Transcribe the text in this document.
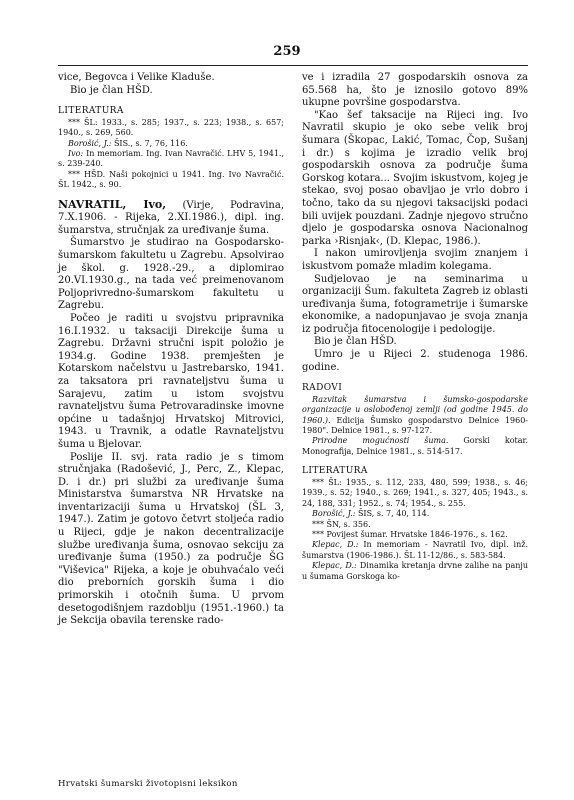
259

vice, Begovca i Velike Kladuše.

Bio je član HŠD.

LITERATURA

*** ŠL: 1933., s. 285; 1937., s. 223; 1938., s. 657; 1940., s. 269, 560.

Borošić, J.: ŠIS., s. 7, 76, 116.

Ivo: In memoriam. Ing. Ivan Navračić. LHV 5, 1941., s. 239-240.

*** HŠD. Naši pokojnici u 1941. Ing. Ivo Navračić. ŠL 1942., s. 90.

NAVRATIL, Ivo, (Virje, Podravina, 7.X.1906. - Rijeka, 2.XI.1986.), dipl. ing. šumarstva, stručnjak za uređivanje šuma.

Šumarstvo je studirao na Gospodarsko-šumarskom fakultetu u Zagrebu. Apsolvirao je škol. g. 1928.-29., a diplomirao 20.VI.1930.g., na tada već preimenovanom Poljoprivredno-šumarskom fakultetu u Zagrebu.

Počeo je raditi u svojstvu pripravnika 16.I.1932. u taksaciji Direkcije šuma u Zagrebu. Državni stručni ispit položio je 1934.g. Godine 1938. premješten je Kotarskom načelstvu u Jastrebarsko, 1941. za taksatora pri ravnateljstvu šuma u Sarajevu, zatim u istom svojstvu ravnateljstvu šuma Petrovaradinske imovne općine u tadašnjoj Hrvatskoj Mitrovici, 1943. u Travnik, a odatle Ravnateljstvu šuma u Bjelovar.

Poslije II. svj. rata radio je s timom stručnjaka (Radošević, J., Perc, Z., Klepac, D. i dr.) pri službi za uređivanje šuma Ministarstva šumarstva NR Hrvatske na inventarizaciji šuma u Hrvatskoj (ŠL 3, 1947.). Zatim je gotovo četvrt stoljeća radio u Rijeci, gdje je nakon decentralizacije službe uređivanja šuma, osnovao sekciju za uređivanje šuma (1950.) za područje ŠG "Viševica" Rijeka, a koje je obuhvaćalo veći dio preborních gorskih šuma i dio primorskih i otočnih šuma. U prvom desetogodišnjem razdoblju (1951.-1960.) ta je Sekcija obavila terenske rado-

ve i izradila 27 gospodarskih osnova za 65.568 ha, što je iznosilo gotovo 89% ukupne površine gospodarstva.

"Kao šef taksacije na Rijeci ing. Ivo Navratil skupio je oko sebe velik broj šumara (Škopac, Lakić, Tomac, Čop, Sušanj i dr.) s kojima je izradio velik broj gospodarskih osnova za područje šuma Gorskog kotara... Svojim iskustvom, kojeg je stekao, svoj posao obavljao je vrlo dobro i točno, tako da su njegovi taksacijski podaci bili uvijek pouzdani. Zadnje njegovo stručno djelo je gospodarska osnova Nacionalnog parka ›Risnjak‹, (D. Klepac, 1986.).

I nakon umirovljenja svojim znanjem i iskustvom pomaže mladim kolegama.

Sudjelovao je na seminarima u organizaciji Šum. fakulteta Zagreb iz oblasti uređivanja šuma, fotogrametrije i šumarske ekonomike, a nadopunjavao je svoja znanja iz područja fitocenologije i pedologije.

Bio je član HŠD.

Umro je u Rijeci 2. studenoga 1986. godine.

RADOVI

Razvitak šumarstva i šumsko-gospodarske organizacije u oslobođenoj zemlji (od godine 1945. do 1960.). Edicija Šumsko gospodarstvo Delnice 1960-1980". Delnice 1981., s. 97-127.

Prirodne mogućnosti šuma. Gorski kotar. Monografija, Delnice 1981., s. 514-517.

LITERATURA

*** ŠL: 1935., s. 112, 233, 480, 599; 1938., s. 46; 1939., s. 52; 1940., s. 269; 1941., s. 327, 405; 1943., s. 24, 188, 331; 1952., s. 74; 1954., s. 255.

Borošić, J.: ŠIS, s. 7, 40, 114.

*** ŠN, s. 356.

*** Povijest šumar. Hrvatske 1846-1976., s. 162.

Klepac, D.: In memoriam - Navratil Ivo, dipl. inž. šumarstva (1906-1986.). ŠL 11-12/86., s. 583-584.

Klepac, D.: Dinamika kretanja drvne zalihe na panju u šumama Gorskoga ko-

Hrvatski šumarski životopisni leksikon
